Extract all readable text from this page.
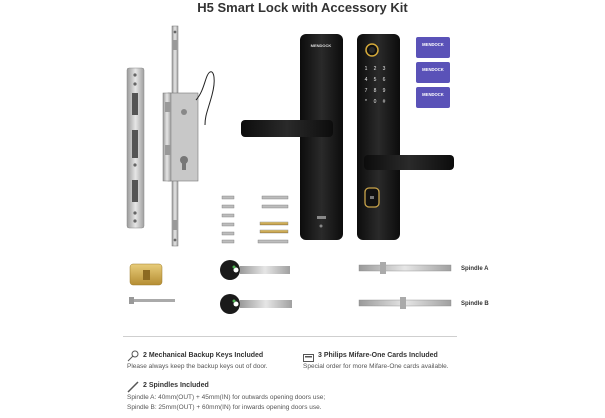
H5 Smart Lock with Accessory Kit
MENDOCK
1 2 3
4 5 6
7 8 9
* 0 #
MENDOCK
MENDOCK
MENDOCK
Spindle A
Spindle B
2 Mechanical Backup Keys Included
Please always keep the backup keys out of door.
3 Philips Mifare-One Cards Included
Special order for more Mifare-One cards available.
2 Spindles Included
Spindle A: 40mm(OUT) + 45mm(IN) for outwards opening doors use;
Spindle B: 25mm(OUT) + 60mm(IN) for inwards opening doors use.
